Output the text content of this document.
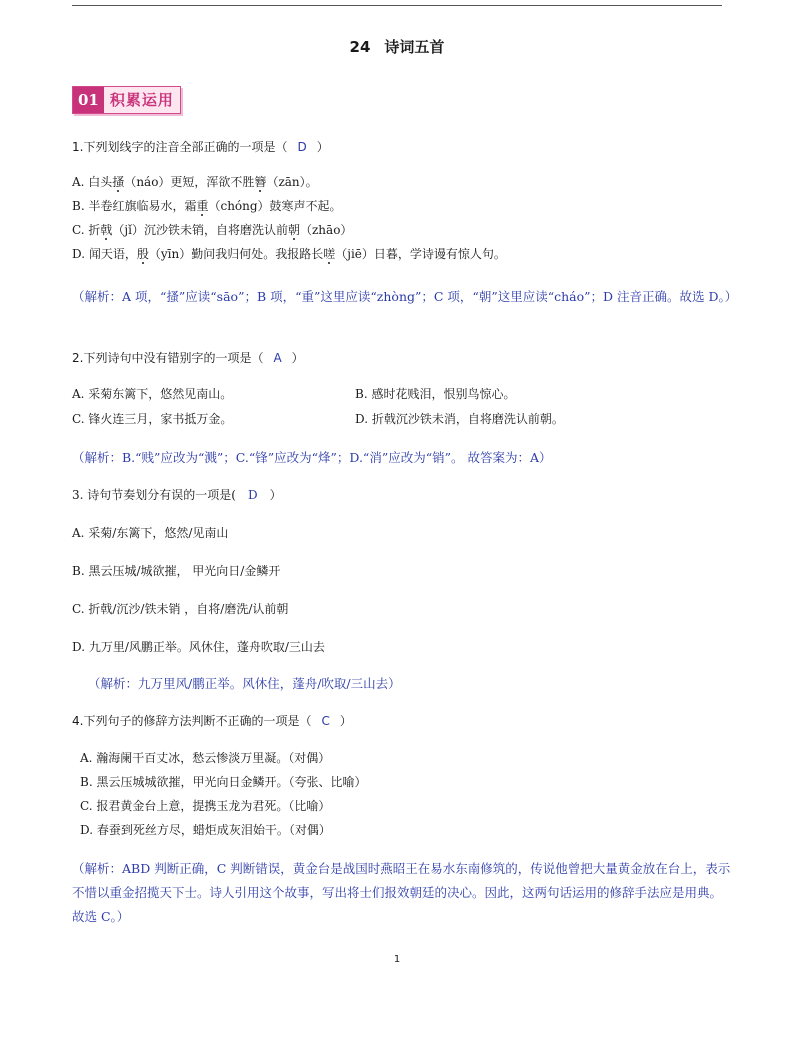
24 诗词五首
01 积累运用
1.下列划线字的注音全部正确的一项是（ D ）
A. 白头搔（náo）更短，浑欲不胜簪（zān）。
B. 半卷红旗临易水，霜重（chóng）鼓寒声不起。
C. 折戟（jǐ）沉沙铁未销，自将磨洗认前朝（zhāo）
D. 闻天语，殷（yīn）勤问我归何处。我报路长嗟（jiē）日暮，学诗谩有惊人句。
（解析：A 项，“搔”应读“sāo”；B 项，“重”这里应读“zhòng”；C 项，“朝”这里应读“cháo”；D 注音正确。故选 D。）
2.下列诗句中没有错别字的一项是（ A ）
A. 采菊东篱下，悠然见南山。	B. 感时花贱泪，恨别鸟惊心。
C. 锋火连三月，家书抵万金。	D. 折戟沉沙铁未消，自将磨洗认前朝。
（解析：B.“贱”应改为“溅”；C.“锋”应改为“烽”；D.“消”应改为“销”。 故答案为：A）
3. 诗句节奏划分有误的一项是( D ）
A. 采菊/东篱下，悠然/见南山
B. 黑云压城/城欲摧， 甲光向日/金鳞开
C. 折戟/沉沙/铁未销 ，自将/磨洗/认前朝
D. 九万里/风鹏正举。风休住，蓬舟吹取/三山去
（解析：九万里风/鹏正举。风休住，蓬舟/吹取/三山去）
4.下列句子的修辞方法判断不正确的一项是（ C ）
A. 瀚海阑干百丈冰，愁云惨淡万里凝。（对偶）
B. 黑云压城城欲摧，甲光向日金鳞开。（夸张、比喻）
C. 报君黄金台上意，提携玉龙为君死。（比喻）
D. 春蚕到死丝方尽，蜡炬成灰泪始干。（对偶）
（解析：ABD 判断正确，C 判断错误，黄金台是战国时燕昭王在易水东南修筑的，传说他曾把大量黄金放在台上，表示不惜以重金招揽天下士。诗人引用这个故事，写出将士们报效朝廷的决心。因此，这两句话运用的修辞手法应是用典。故选 C。）
1
